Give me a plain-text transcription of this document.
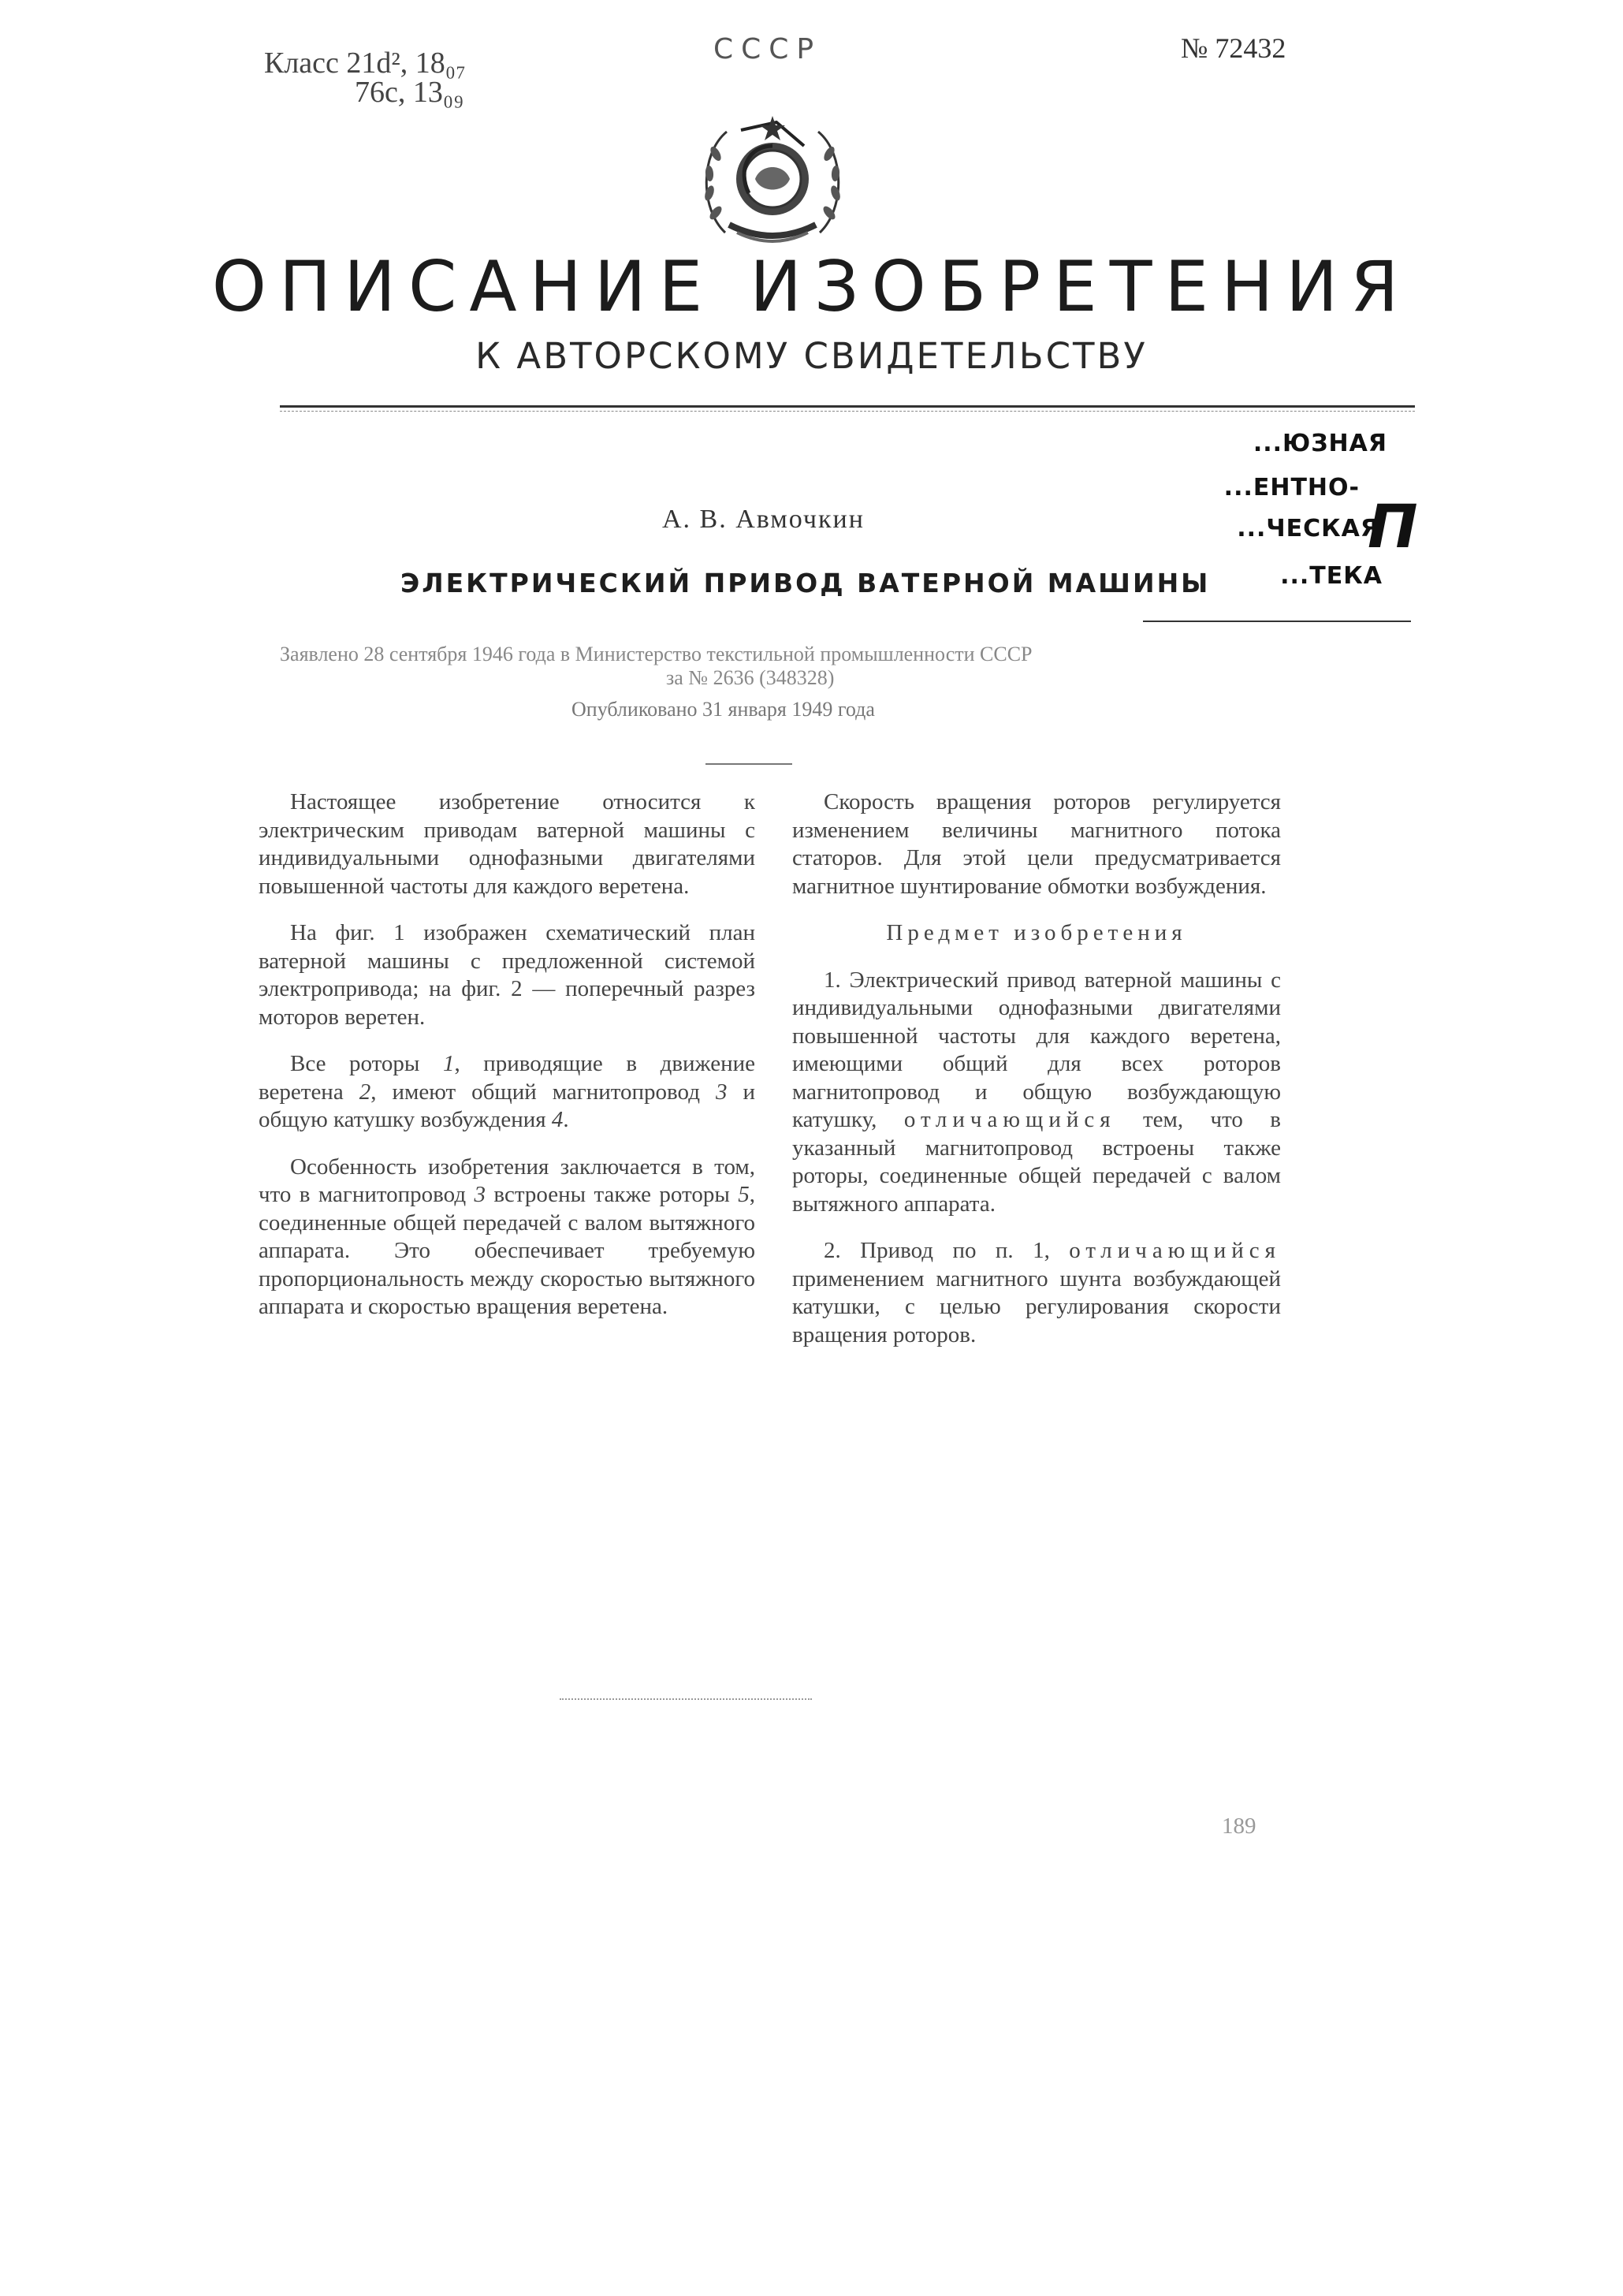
Класс 21d², 18₀₇
76с, 13₀₉
СССР	№ 72432
ОПИСАНИЕ ИЗОБРЕТЕНИЯ
К АВТОРСКОМУ СВИДЕТЕЛЬСТВУ
...ЮЗНАЯ
...ЕНТНО-
...ЧЕСКАЯ
...ТЕКА
П
А. В. Авмочкин
ЭЛЕКТРИЧЕСКИЙ ПРИВОД ВАТЕРНОЙ МАШИНЫ
Заявлено 28 сентября 1946 года в Министерство текстильной промышленности СССР
за № 2636 (348328)
Опубликовано 31 января 1949 года

Настоящее изобретение относится к электрическим приводам ватерной машины с индивидуальными однофазными двигателями повышенной частоты для каждого веретена.

На фиг. 1 изображен схематический план ватерной машины с предложенной системой электропривода; на фиг. 2 — поперечный разрез моторов веретен.

Все роторы 1, приводящие в движение веретена 2, имеют общий магнитопровод 3 и общую катушку возбуждения 4.

Особенность изобретения заключается в том, что в магнитопровод 3 встроены также роторы 5, соединенные общей передачей с валом вытяжного аппарата. Это обеспечивает требуемую пропорциональность между скоростью вытяжного аппарата и скоростью вращения веретена.

Скорость вращения роторов регулируется изменением величины магнитного потока статоров. Для этой цели предусматривается магнитное шунтирование обмотки возбуждения.

Предмет изобретения

1. Электрический привод ватерной машины с индивидуальными однофазными двигателями повышенной частоты для каждого веретена, имеющими общий для всех роторов магнитопровод и общую возбуждающую катушку, отличающийся тем, что в указанный магнитопровод встроены также роторы, соединенные общей передачей с валом вытяжного аппарата.

2. Привод по п. 1, отличающийся применением магнитного шунта возбуждающей катушки, с целью регулирования скорости вращения роторов.

189
